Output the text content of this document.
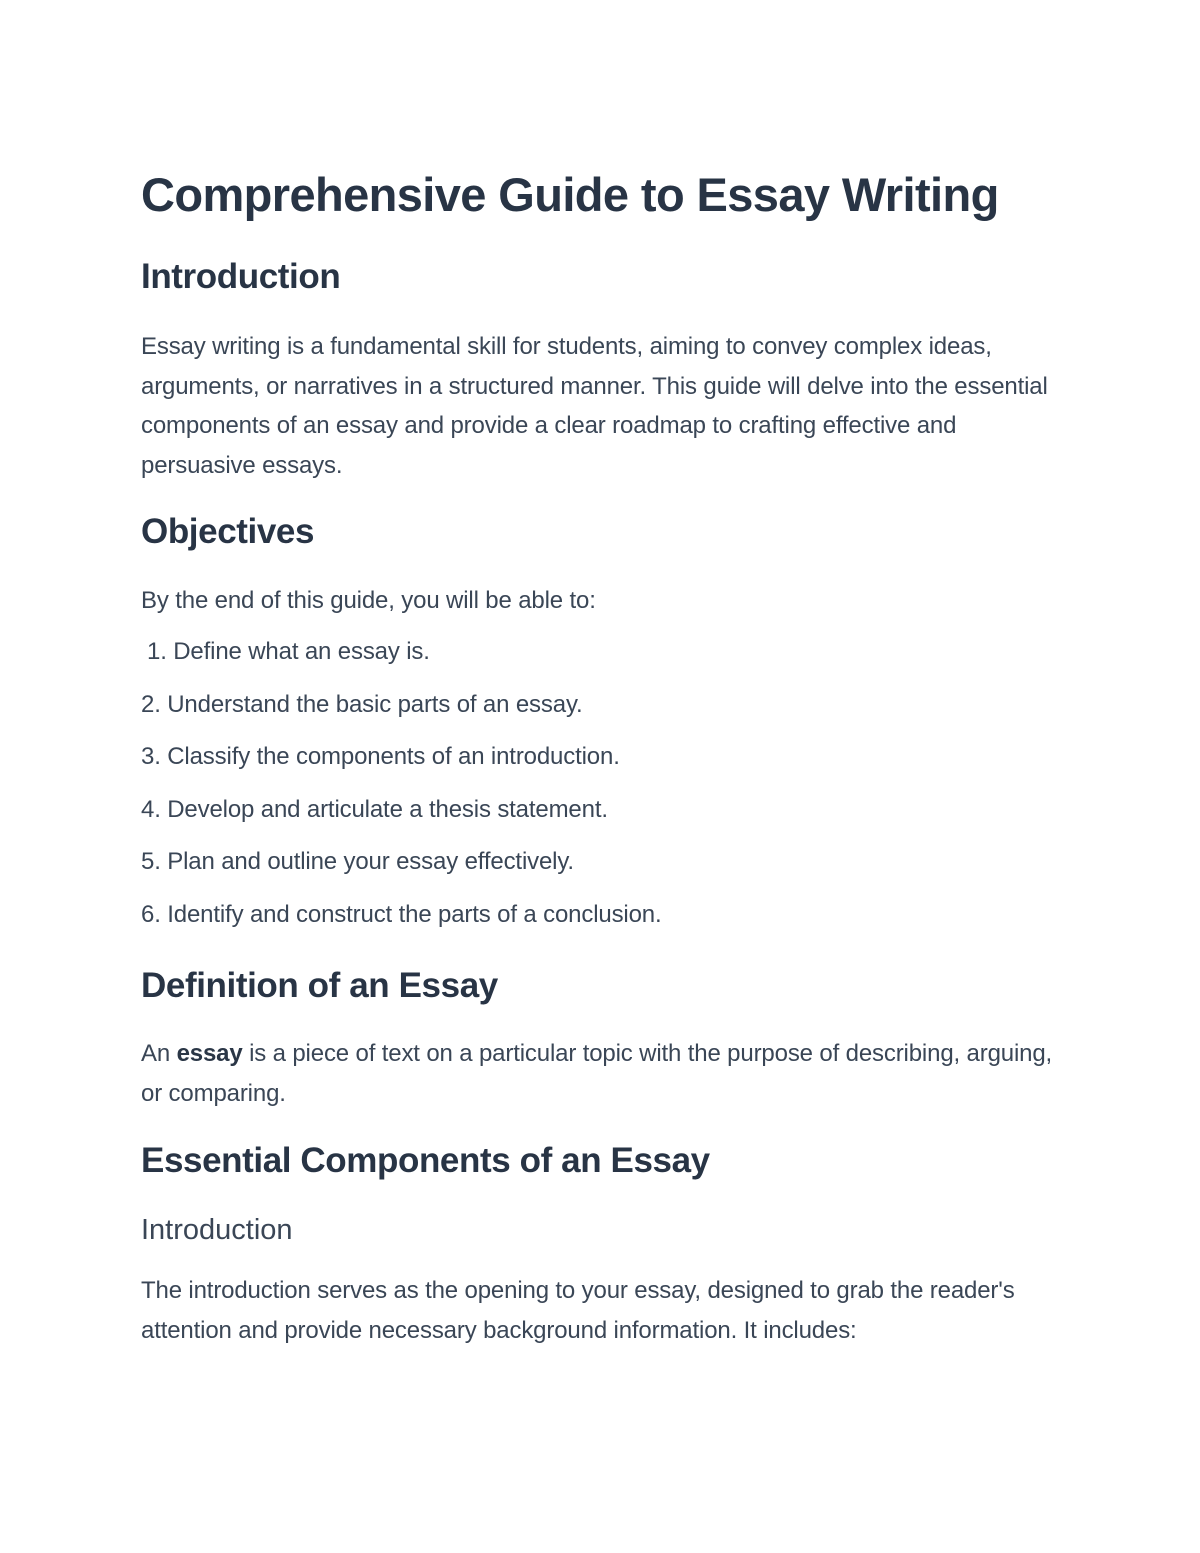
Comprehensive Guide to Essay Writing
Introduction

Essay writing is a fundamental skill for students, aiming to convey complex ideas, arguments, or narratives in a structured manner. This guide will delve into the essential components of an essay and provide a clear roadmap to crafting effective and persuasive essays.

Objectives

By the end of this guide, you will be able to:

1. Define what an essay is.
2. Understand the basic parts of an essay.
3. Classify the components of an introduction.
4. Develop and articulate a thesis statement.
5. Plan and outline your essay effectively.
6. Identify and construct the parts of a conclusion.
Definition of an Essay

An essay is a piece of text on a particular topic with the purpose of describing, arguing, or comparing.

Essential Components of an Essay
Introduction

The introduction serves as the opening to your essay, designed to grab the reader's attention and provide necessary background information. It includes:
